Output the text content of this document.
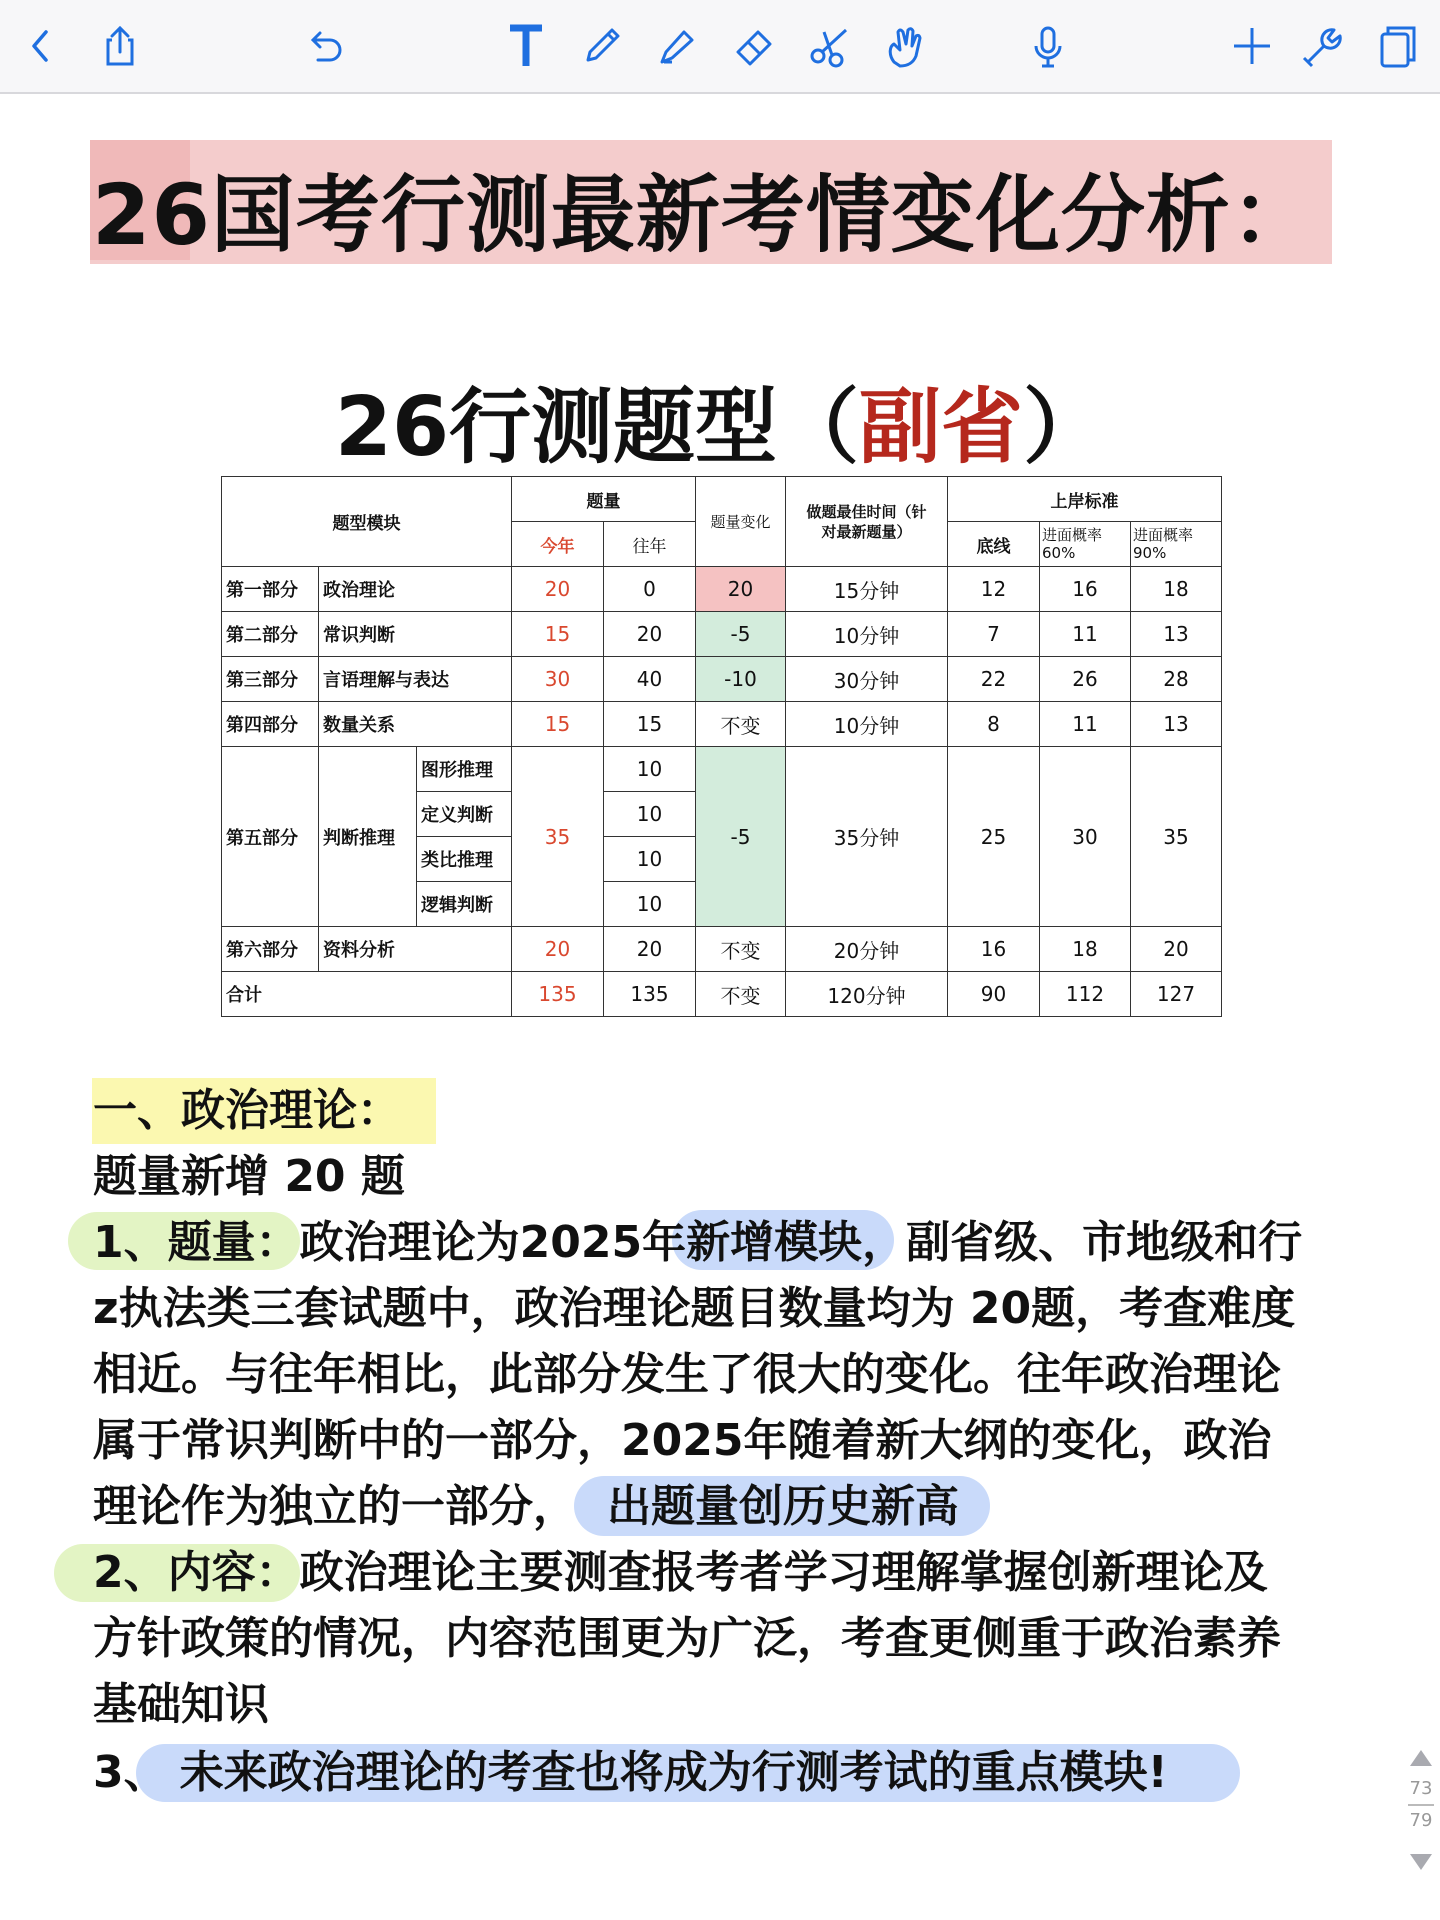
26国考行测最新考情变化分析：
26行测题型（副省）
题型模块			题量		题量变化	做题最佳时间（针对最新题量）	上岸标准		
			今年	往年			底线	进面概率60%	进面概率90%
第一部分	政治理论		20	0	20	15分钟	12	16	18
第二部分	常识判断		15	20	-5	10分钟	7	11	13
第三部分	言语理解与表达		30	40	-10	30分钟	22	26	28
第四部分	数量关系		15	15	不变	10分钟	8	11	13
第五部分	判断推理	图形推理	35	10	-5	35分钟	25	30	35
		定义判断		10					
		类比推理		10					
		逻辑判断		10					
第六部分	资料分析		20	20	不变	20分钟	16	18	20
合计			135	135	不变	120分钟	90	112	127
一、政治理论：
题量新增 20 题
1、题量：政治理论为2025年新增模块，副省级、市地级和行
z执法类三套试题中，政治理论题目数量均为 20题，考查难度
相近。与往年相比，此部分发生了很大的变化。往年政治理论
属于常识判断中的一部分，2025年随着新大纲的变化，政治
理论作为独立的一部分， 出题量创历史新高
2、内容：政治理论主要测查报考者学习理解掌握创新理论及
方针政策的情况，内容范围更为广泛，考查更侧重于政治素养
基础知识
3、 未来政治理论的考查也将成为行测考试的重点模块!	73
79
